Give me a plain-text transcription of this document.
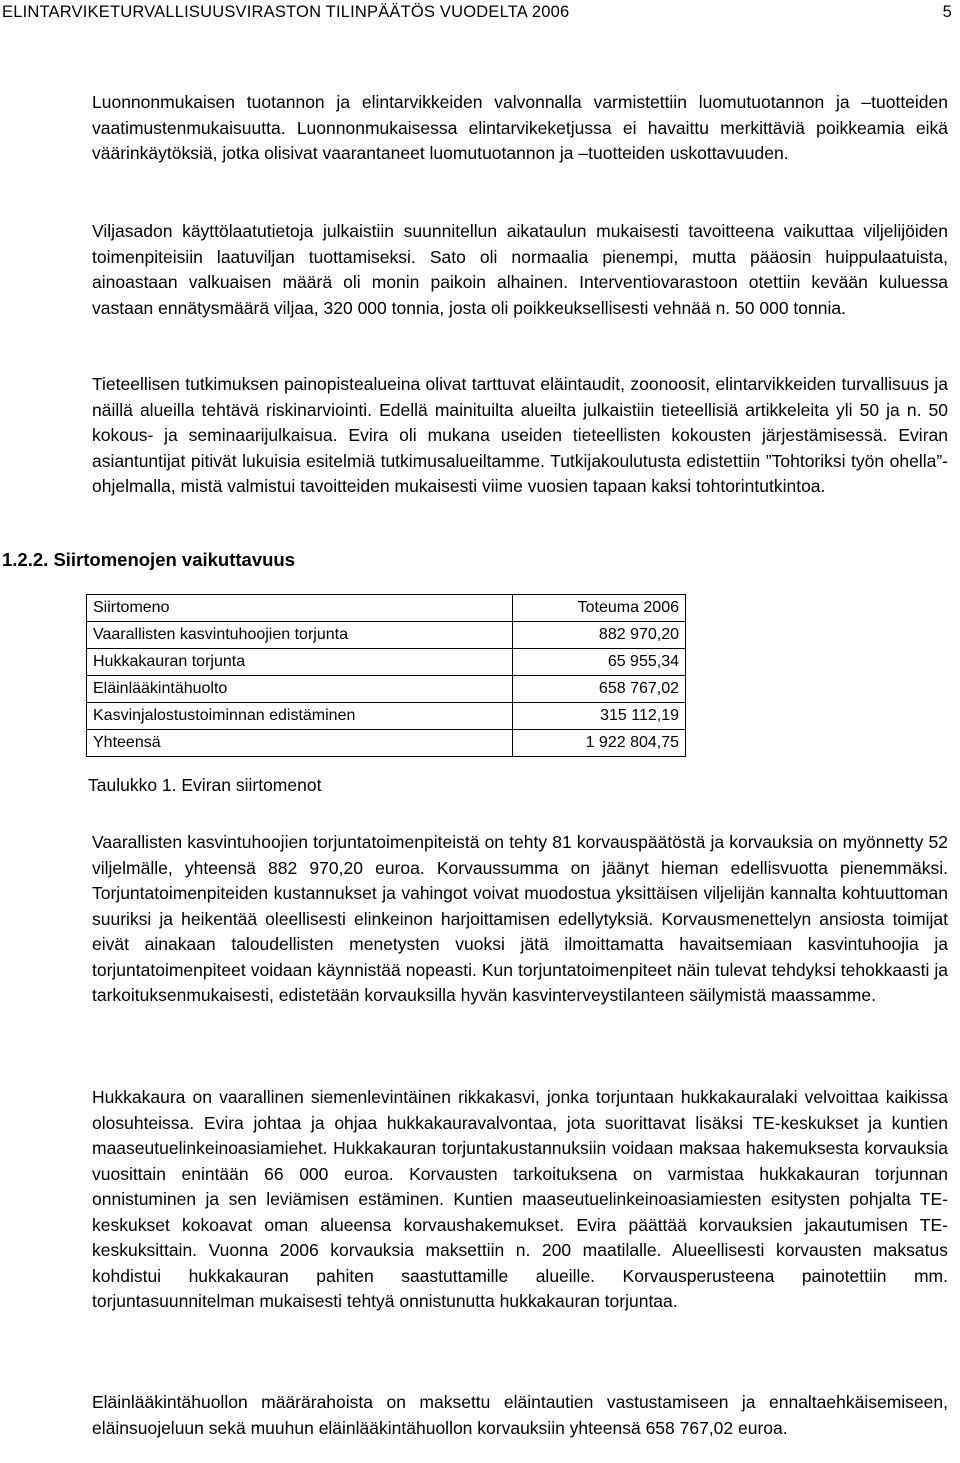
ELINTARVIKETURVALLISUUSVIRASTON TILINPÄÄTÖS VUODELTA 2006	5

Luonnonmukaisen tuotannon ja elintarvikkeiden valvonnalla varmistettiin luomutuotannon ja –tuotteiden vaatimustenmukaisuutta. Luonnonmukaisessa elintarvikeketjussa ei havaittu merkittäviä poikkeamia eikä väärinkäytöksiä, jotka olisivat vaarantaneet luomutuotannon ja –tuotteiden uskottavuuden.

Viljasadon käyttölaatutietoja julkaistiin suunnitellun aikataulun mukaisesti tavoitteena vaikuttaa viljelijöiden toimenpiteisiin laatuviljan tuottamiseksi. Sato oli normaalia pienempi, mutta pääosin huippulaatuista, ainoastaan valkuaisen määrä oli monin paikoin alhainen. Interventiovarastoon otettiin kevään kuluessa vastaan ennätysmäärä viljaa, 320 000 tonnia, josta oli poikkeuksellisesti vehnää n. 50 000 tonnia.

Tieteellisen tutkimuksen painopistealueina olivat tarttuvat eläintaudit, zoonoosit, elintarvikkeiden turvallisuus ja näillä alueilla tehtävä riskinarviointi. Edellä mainituilta alueilta julkaistiin tieteellisiä artikkeleita yli 50 ja n. 50 kokous- ja seminaarijulkaisua. Evira oli mukana useiden tieteellisten kokousten järjestämisessä. Eviran asiantuntijat pitivät lukuisia esitelmiä tutkimusalueiltamme. Tutkijakoulutusta edistettiin ”Tohtoriksi työn ohella”- ohjelmalla, mistä valmistui tavoitteiden mukaisesti viime vuosien tapaan kaksi tohtorintutkintoa.

1.2.2. Siirtomenojen vaikuttavuus
Siirtomeno	Toteuma 2006
Vaarallisten kasvintuhoojien torjunta	882 970,20
Hukkakauran torjunta	65 955,34
Eläinlääkintähuolto	658 767,02
Kasvinjalostustoiminnan edistäminen	315 112,19
Yhteensä	1 922 804,75

Taulukko 1. Eviran siirtomenot

Vaarallisten kasvintuhoojien torjuntatoimenpiteistä on tehty 81 korvauspäätöstä ja korvauksia on myönnetty 52 viljelmälle, yhteensä 882 970,20 euroa. Korvaussumma on jäänyt hieman edellisvuotta pienemmäksi. Torjuntatoimenpiteiden kustannukset ja vahingot voivat muodostua yksittäisen viljelijän kannalta kohtuuttoman suuriksi ja heikentää oleellisesti elinkeinon harjoittamisen edellytyksiä. Korvausmenettelyn ansiosta toimijat eivät ainakaan taloudellisten menetysten vuoksi jätä ilmoittamatta havaitsemiaan kasvintuhoojia ja torjuntatoimenpiteet voidaan käynnistää nopeasti. Kun torjuntatoimenpiteet näin tulevat tehdyksi tehokkaasti ja tarkoituksenmukaisesti, edistetään korvauksilla hyvän kasvinterveystilanteen säilymistä maassamme.

Hukkakaura on vaarallinen siemenlevintäinen rikkakasvi, jonka torjuntaan hukkakauralaki velvoittaa kaikissa olosuhteissa. Evira johtaa ja ohjaa hukkakauravalvontaa, jota suorittavat lisäksi TE-keskukset ja kuntien maaseutuelinkeinoasiamiehet. Hukkakauran torjuntakustannuksiin voidaan maksaa hakemuksesta korvauksia vuosittain enintään 66 000 euroa. Korvausten tarkoituksena on varmistaa hukkakauran torjunnan onnistuminen ja sen leviämisen estäminen. Kuntien maaseutuelinkeinoasiamiesten esitysten pohjalta TE-keskukset kokoavat oman alueensa korvaushakemukset. Evira päättää korvauksien jakautumisen TE-keskuksittain. Vuonna 2006 korvauksia maksettiin n. 200 maatilalle. Alueellisesti korvausten maksatus kohdistui hukkakauran pahiten saastuttamille alueille. Korvausperusteena painotettiin mm. torjuntasuunnitelman mukaisesti tehtyä onnistunutta hukkakauran torjuntaa.

Eläinlääkintähuollon määrärahoista on maksettu eläintautien vastustamiseen ja ennaltaehkäisemiseen, eläinsuojeluun sekä muuhun eläinlääkintähuollon korvauksiin yhteensä 658 767,02 euroa.
